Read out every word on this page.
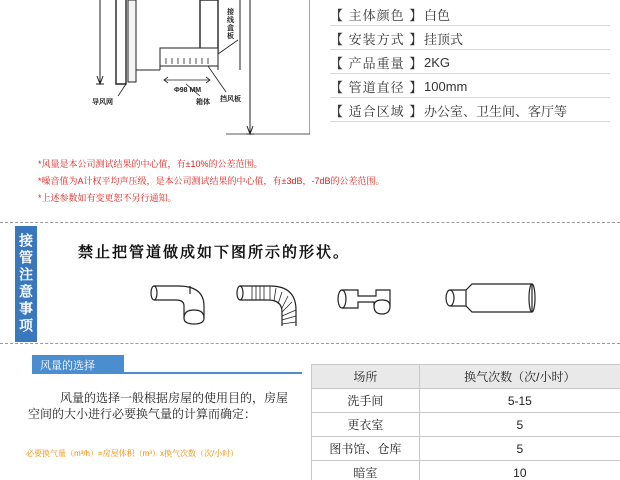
接线盒板
Φ98 MM
箱体
导风网	挡风板
【 主体颜色 】 白色
【 安装方式 】 挂顶式
【 产品重量 】 2KG
【 管道直径 】 100mm
【 适合区域 】 办公室、卫生间、客厅等
*风量是本公司测试结果的中心值，有±10%的公差范围。
*噪音值为A计权平均声压级，是本公司测试结果的中心值，有±3dB，-7dB的公差范围。
*上述参数如有变更恕不另行通知。
接管注意事项	禁止把管道做成如下图所示的形状。
风量的选择
风量的选择一般根据房屋的使用目的，房屋空间的大小进行必要换气量的计算而确定：
必要换气量（m³/h）=房屋体积（m³）x换气次数（次/小时）
场所	换气次数（次/小时）
洗手间	5-15
更衣室	5
图书馆、仓库	5
暗室	10
